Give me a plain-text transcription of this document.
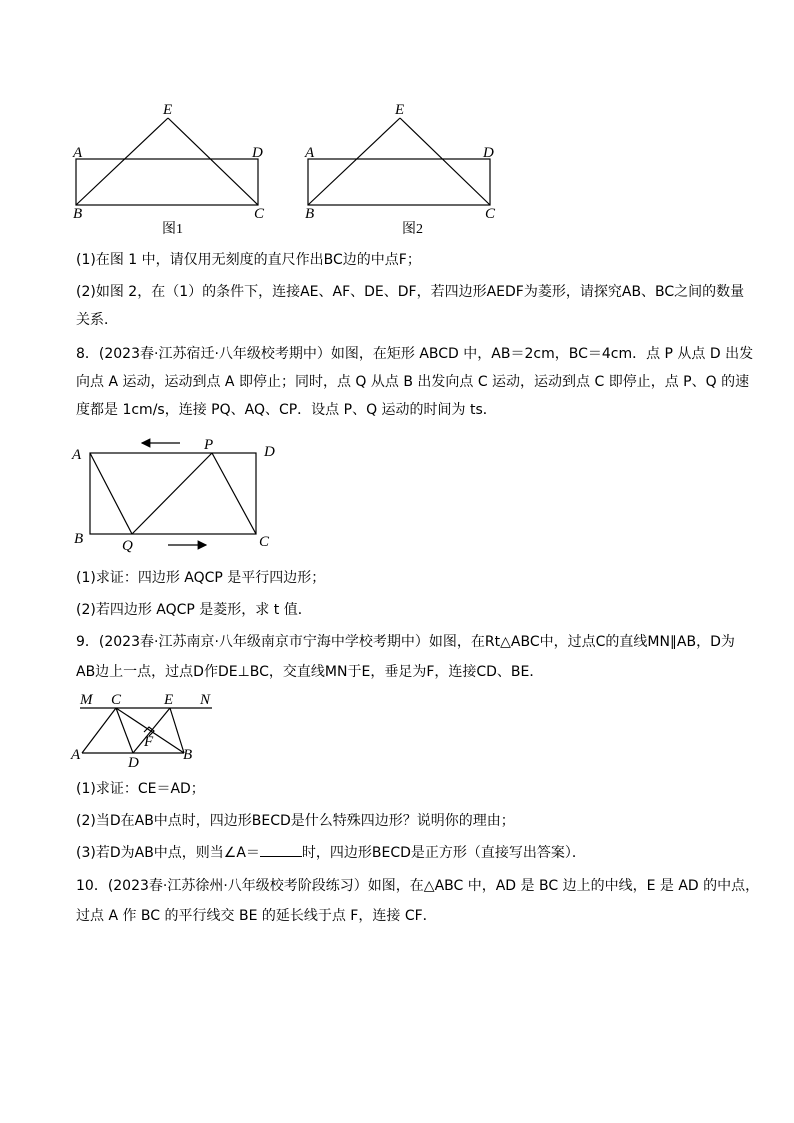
E
A	D
B	C
图1
E
A	D
B	C
图2
(1)在图 1 中，请仅用无刻度的直尺作出BC边的中点F；
(2)如图 2，在（1）的条件下，连接AE、AF、DE、DF，若四边形AEDF为菱形，请探究AB、BC之间的数量
关系．
8．(2023春·江苏宿迁·八年级校考期中）如图，在矩形 ABCD 中，AB＝2cm，BC＝4cm．点 P 从点 D 出发
向点 A 运动，运动到点 A 即停止；同时，点 Q 从点 B 出发向点 C 运动，运动到点 C 即停止，点 P、Q 的速
度都是 1cm/s，连接 PQ、AQ、CP．设点 P、Q 运动的时间为 ts．
A
P	D
B	Q	C
(1)求证：四边形 AQCP 是平行四边形；
(2)若四边形 AQCP 是菱形，求 t 值．
9．(2023春·江苏南京·八年级南京市宁海中学校考期中）如图，在Rt△ABC中，过点C的直线MN∥AB，D为
AB边上一点，过点D作DE⊥BC，交直线MN于E，垂足为F，连接CD、BE．
M C	E N
A
F
B
D
(1)求证：CE＝AD；
(2)当D在AB中点时，四边形BECD是什么特殊四边形？说明你的理由；
(3)若D为AB中点，则当∠A＝	时，四边形BECD是正方形（直接写出答案）．
10．(2023春·江苏徐州·八年级校考阶段练习）如图，在△ABC 中，AD 是 BC 边上的中线，E 是 AD 的中点，
过点 A 作 BC 的平行线交 BE 的延长线于点 F，连接 CF．
